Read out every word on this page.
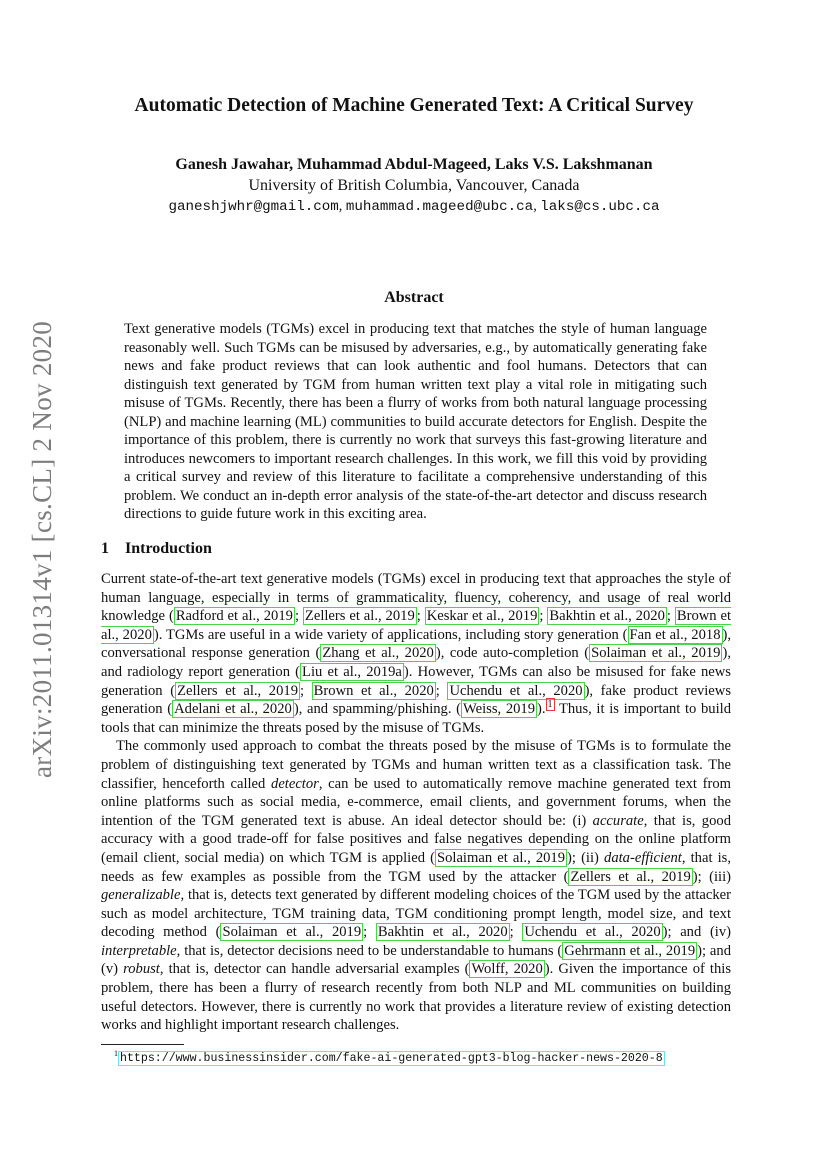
arXiv:2011.01314v1 [cs.CL] 2 Nov 2020
Automatic Detection of Machine Generated Text: A Critical Survey
Ganesh Jawahar, Muhammad Abdul-Mageed, Laks V.S. Lakshmanan
University of British Columbia, Vancouver, Canada
ganeshjwhr@gmail.com, muhammad.mageed@ubc.ca, laks@cs.ubc.ca
Abstract
Text generative models (TGMs) excel in producing text that matches the style of human language reasonably well. Such TGMs can be misused by adversaries, e.g., by automatically generating fake news and fake product reviews that can look authentic and fool humans. Detectors that can distinguish text generated by TGM from human written text play a vital role in mitigating such misuse of TGMs. Recently, there has been a flurry of works from both natural language processing (NLP) and machine learning (ML) communities to build accurate detectors for English. Despite the importance of this problem, there is currently no work that surveys this fast-growing literature and introduces newcomers to important research challenges. In this work, we fill this void by providing a critical survey and review of this literature to facilitate a comprehensive understanding of this problem. We conduct an in-depth error analysis of the state-of-the-art detector and discuss research directions to guide future work in this exciting area.
1 Introduction

Current state-of-the-art text generative models (TGMs) excel in producing text that approaches the style of human language, especially in terms of grammaticality, fluency, coherency, and usage of real world knowledge ( Radford et al., 2019 ; Zellers et al., 2019 ; Keskar et al., 2019 ; Bakhtin et al., 2020 ; Brown et al., 2020 ). TGMs are useful in a wide variety of applications, including story generation ( Fan et al., 2018 ), conversational response generation ( Zhang et al., 2020 ), code auto-completion ( Solaiman et al., 2019 ), and radiology report generation ( Liu et al., 2019a ). However, TGMs can also be misused for fake news generation ( Zellers et al., 2019 ; Brown et al., 2020 ; Uchendu et al., 2020 ), fake product reviews generation ( Adelani et al., 2020 ), and spamming/phishing. ( Weiss, 2019 ). $^1$ Thus, it is important to build tools that can minimize the threats posed by the misuse of TGMs.

The commonly used approach to combat the threats posed by the misuse of TGMs is to formulate the problem of distinguishing text generated by TGMs and human written text as a classification task. The classifier, henceforth called detector, can be used to automatically remove machine generated text from online platforms such as social media, e-commerce, email clients, and government forums, when the intention of the TGM generated text is abuse. An ideal detector should be: (i) accurate, that is, good accuracy with a good trade-off for false positives and false negatives depending on the online platform (email client, social media) on which TGM is applied ( Solaiman et al., 2019 ); (ii) data-efficient, that is, needs as few examples as possible from the TGM used by the attacker ( Zellers et al., 2019 ); (iii) generalizable, that is, detects text generated by different modeling choices of the TGM used by the attacker such as model architecture, TGM training data, TGM conditioning prompt length, model size, and text decoding method ( Solaiman et al., 2019 ; Bakhtin et al., 2020 ; Uchendu et al., 2020 ); and (iv) interpretable, that is, detector decisions need to be understandable to humans ( Gehrmann et al., 2019 ); and (v) robust, that is, detector can handle adversarial examples ( Wolff, 2020 ). Given the importance of this problem, there has been a flurry of research recently from both NLP and ML communities on building useful detectors. However, there is currently no work that provides a literature review of existing detection works and highlight important research challenges.

$^1$ https://www.businessinsider.com/fake-ai-generated-gpt3-blog-hacker-news-2020-8
